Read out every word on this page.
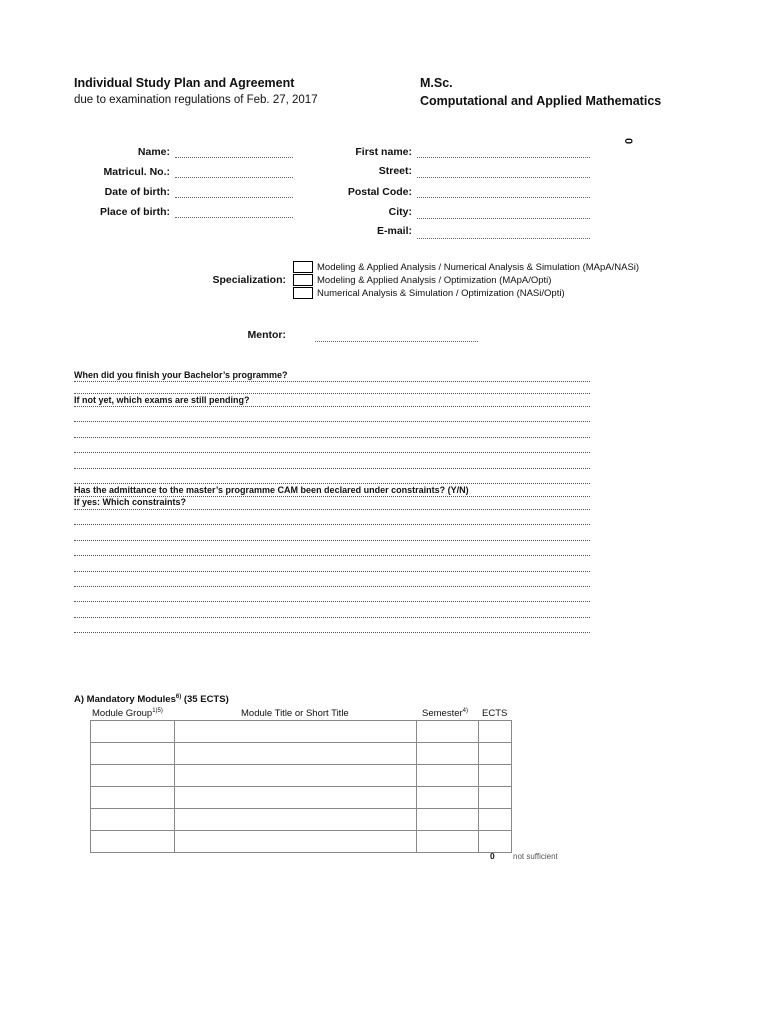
Individual Study Plan and Agreement
due to examination regulations of Feb. 27, 2017
M.Sc.
Computational and Applied Mathematics
0
Name:
Matricul. No.:
Date of birth:
Place of birth:
First name:
Street:
Postal Code:
City:
E-mail:
Specialization:
Modeling & Applied Analysis / Numerical Analysis & Simulation (MApA/NASi)
Modeling & Applied Analysis / Optimization (MApA/Opti)
Numerical Analysis & Simulation / Optimization (NASi/Opti)
Mentor:
When did you finish your Bachelor’s programme?
If not yet, which exams are still pending?
Has the admittance to the master’s programme CAM been declared under constraints? (Y/N)
If yes: Which constraints?
A) Mandatory Modules$^{6)}$ (35 ECTS)
Module Group$^{1)5)}$	Module Title or Short Title	Semester$^{4)}$ ECTS

0 not sufficient
